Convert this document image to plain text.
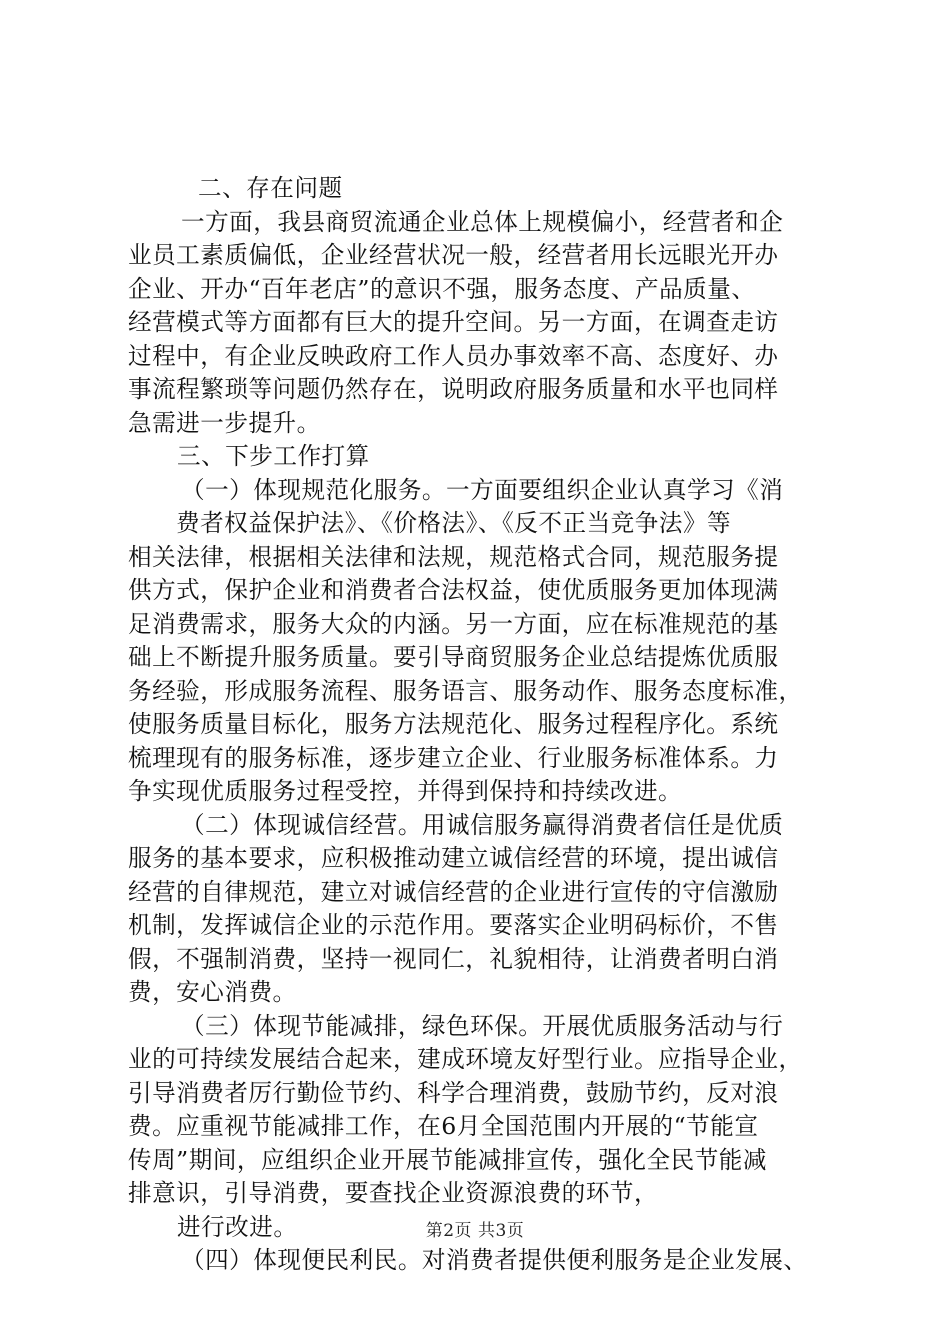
二、存在问题
一方面，我县商贸流通企业总体上规模偏小，经营者和企
业员工素质偏低，企业经营状况一般，经营者用长远眼光开办
企业、开办“百年老店”的意识不强，服务态度、产品质量、
经营模式等方面都有巨大的提升空间。另一方面，在调查走访
过程中，有企业反映政府工作人员办事效率不高、态度好、办
事流程繁琐等问题仍然存在，说明政府服务质量和水平也同样
急需进一步提升。
三、下步工作打算
（一）体现规范化服务。一方面要组织企业认真学习《消
费者权益保护法》、《价格法》、《反不正当竞争法》等
相关法律，根据相关法律和法规，规范格式合同，规范服务提
供方式，保护企业和消费者合法权益，使优质服务更加体现满
足消费需求，服务大众的内涵。另一方面，应在标准规范的基
础上不断提升服务质量。要引导商贸服务企业总结提炼优质服
务经验，形成服务流程、服务语言、服务动作、服务态度标准，
使服务质量目标化，服务方法规范化、服务过程程序化。系统
梳理现有的服务标准，逐步建立企业、行业服务标准体系。力
争实现优质服务过程受控，并得到保持和持续改进。
（二）体现诚信经营。用诚信服务赢得消费者信任是优质
服务的基本要求，应积极推动建立诚信经营的环境，提出诚信
经营的自律规范，建立对诚信经营的企业进行宣传的守信激励
机制，发挥诚信企业的示范作用。要落实企业明码标价，不售
假，不强制消费，坚持一视同仁，礼貌相待，让消费者明白消
费，安心消费。
（三）体现节能减排，绿色环保。开展优质服务活动与行
业的可持续发展结合起来，建成环境友好型行业。应指导企业，
引导消费者厉行勤俭节约、科学合理消费，鼓励节约，反对浪
费。应重视节能减排工作，在6月全国范围内开展的“节能宣
传周”期间，应组织企业开展节能减排宣传，强化全民节能减
排意识，引导消费，要查找企业资源浪费的环节，
进行改进。
（四）体现便民利民。对消费者提供便利服务是企业发展、
第2页 共3页
